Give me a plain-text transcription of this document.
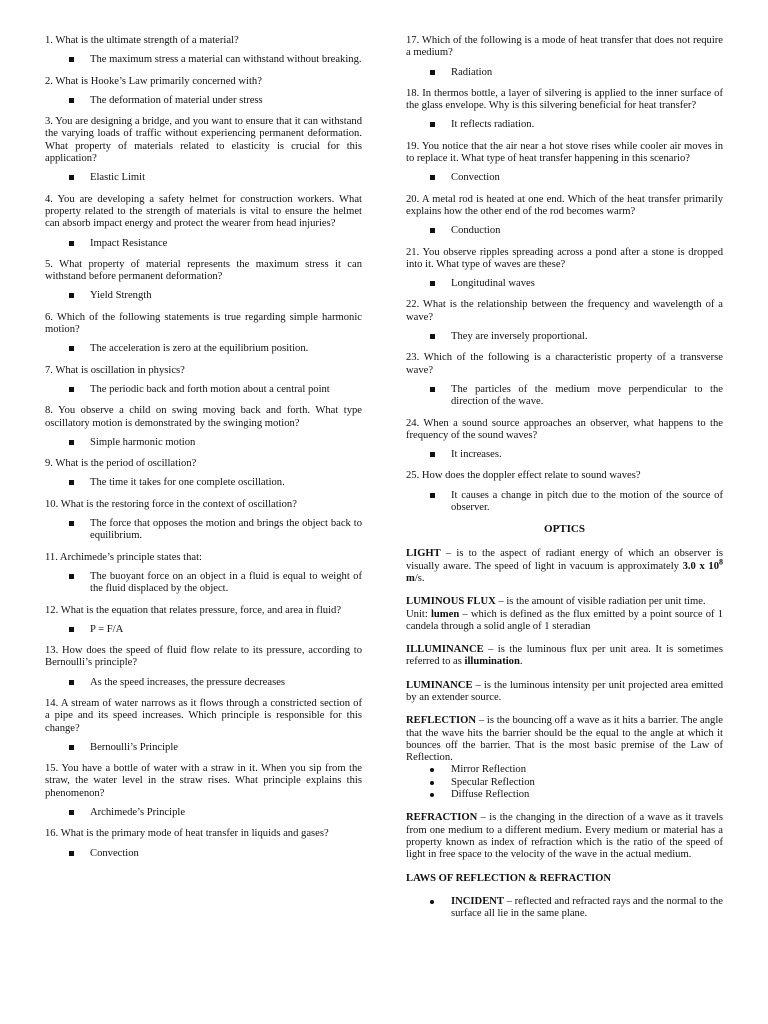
1. What is the ultimate strength of a material?

The maximum stress a material can withstand without breaking.

2. What is Hooke’s Law primarily concerned with?

The deformation of material under stress

3. You are designing a bridge, and you want to ensure that it can withstand the varying loads of traffic without experiencing permanent deformation. What property of materials related to elasticity is crucial for this application?

Elastic Limit

4. You are developing a safety helmet for construction workers. What property related to the strength of materials is vital to ensure the helmet can absorb impact energy and protect the wearer from head injuries?

Impact Resistance

5. What property of material represents the maximum stress it can withstand before permanent deformation?

Yield Strength

6. Which of the following statements is true regarding simple harmonic motion?

The acceleration is zero at the equilibrium position.

7. What is oscillation in physics?

The periodic back and forth motion about a central point

8. You observe a child on swing moving back and forth. What type oscillatory motion is demonstrated by the swinging motion?

Simple harmonic motion

9. What is the period of oscillation?

The time it takes for one complete oscillation.

10. What is the restoring force in the context of oscillation?

The force that opposes the motion and brings the object back to equilibrium.

11. Archimede’s principle states that:

The buoyant force on an object in a fluid is equal to weight of the fluid displaced by the object.

12. What is the equation that relates pressure, force, and area in fluid?

P = F/A

13. How does the speed of fluid flow relate to its pressure, according to Bernoulli’s principle?

As the speed increases, the pressure decreases

14. A stream of water narrows as it flows through a constricted section of a pipe and its speed increases. Which principle is responsible for this change?

Bernoulli’s Principle

15. You have a bottle of water with a straw in it. When you sip from the straw, the water level in the straw rises. What principle explains this phenomenon?

Archimede’s Principle

16. What is the primary mode of heat transfer in liquids and gases?

Convection

17. Which of the following is a mode of heat transfer that does not require a medium?

Radiation

18. In thermos bottle, a layer of silvering is applied to the inner surface of the glass envelope. Why is this silvering beneficial for heat transfer?

It reflects radiation.

19. You notice that the air near a hot stove rises while cooler air moves in to replace it. What type of heat transfer happening in this scenario?

Convection

20. A metal rod is heated at one end. Which of the heat transfer primarily explains how the other end of the rod becomes warm?

Conduction

21. You observe ripples spreading across a pond after a stone is dropped into it. What type of waves are these?

Longitudinal waves

22. What is the relationship between the frequency and wavelength of a wave?

They are inversely proportional.

23. Which of the following is a characteristic property of a transverse wave?

The particles of the medium move perpendicular to the direction of the wave.

24. When a sound source approaches an observer, what happens to the frequency of the sound waves?

It increases.

25. How does the doppler effect relate to sound waves?

It causes a change in pitch due to the motion of the source of observer.
OPTICS

LIGHT – is to the aspect of radiant energy of which an observer is visually aware. The speed of light in vacuum is approximately 3.0 x $10^8$ m/s.

LUMINOUS FLUX – is the amount of visible radiation per unit time.
Unit: lumen – which is defined as the flux emitted by a point source of 1 candela through a solid angle of 1 steradian

ILLUMINANCE – is the luminous flux per unit area. It is sometimes referred to as illumination.

LUMINANCE – is the luminous intensity per unit projected area emitted by an extender source.

REFLECTION – is the bouncing off a wave as it hits a barrier. The angle that the wave hits the barrier should be the equal to the angle at which it bounces off the barrier. That is the most basic premise of the Law of Reflection.

Mirror Reflection
Specular Reflection
Diffuse Reflection

REFRACTION – is the changing in the direction of a wave as it travels from one medium to a different medium. Every medium or material has a property known as index of refraction which is the ratio of the speed of light in free space to the velocity of the wave in the actual medium.

LAWS OF REFLECTION & REFRACTION

INCIDENT – reflected and refracted rays and the normal to the surface all lie in the same plane.
